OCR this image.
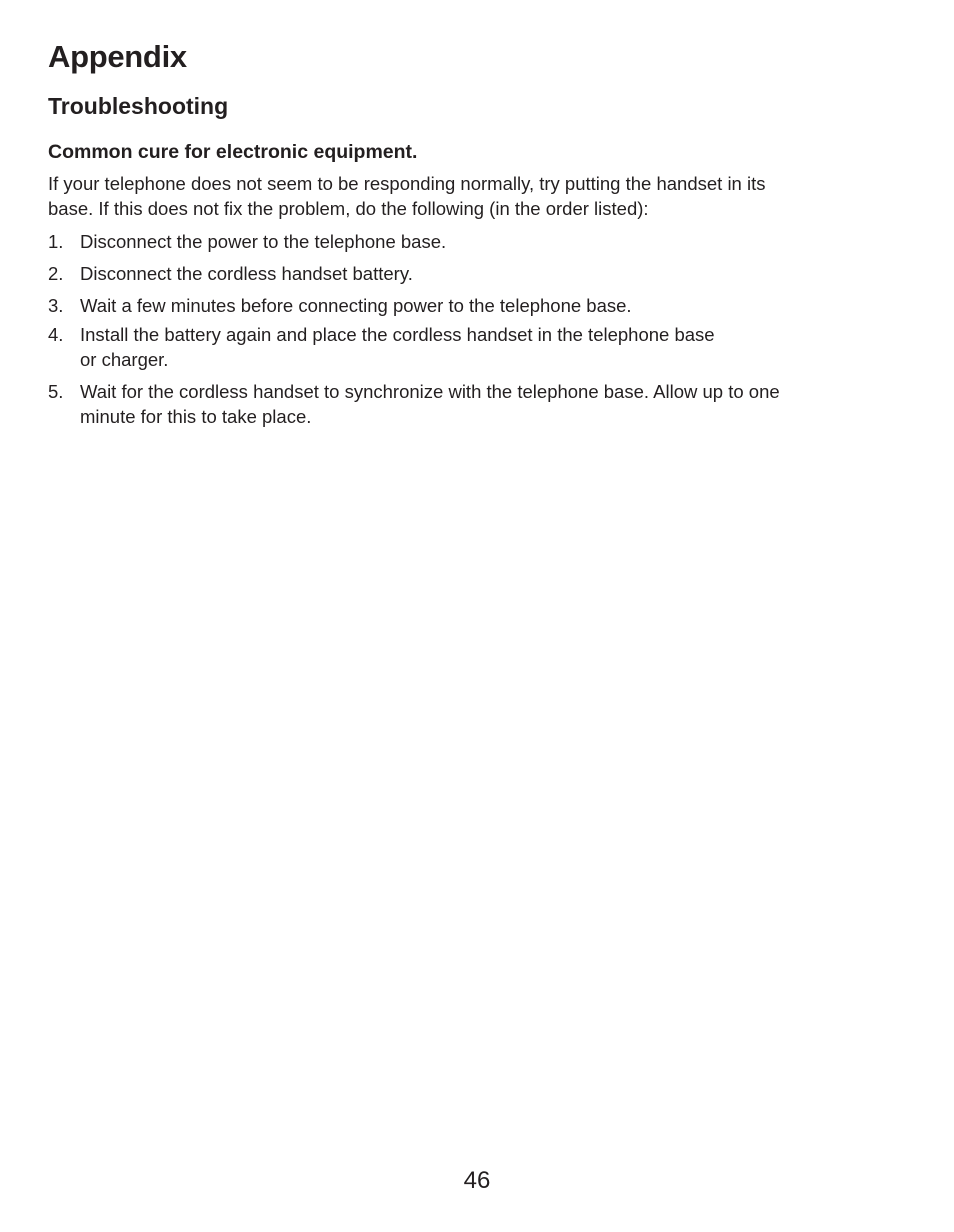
Appendix
Troubleshooting
Common cure for electronic equipment.

If your telephone does not seem to be responding normally, try putting the handset in its
base. If this does not fix the problem, do the following (in the order listed):

1. Disconnect the power to the telephone base.
2. Disconnect the cordless handset battery.
3. Wait a few minutes before connecting power to the telephone base.
4. Install the battery again and place the cordless handset in the telephone base
or charger.
5. Wait for the cordless handset to synchronize with the telephone base. Allow up to one
minute for this to take place.
46
